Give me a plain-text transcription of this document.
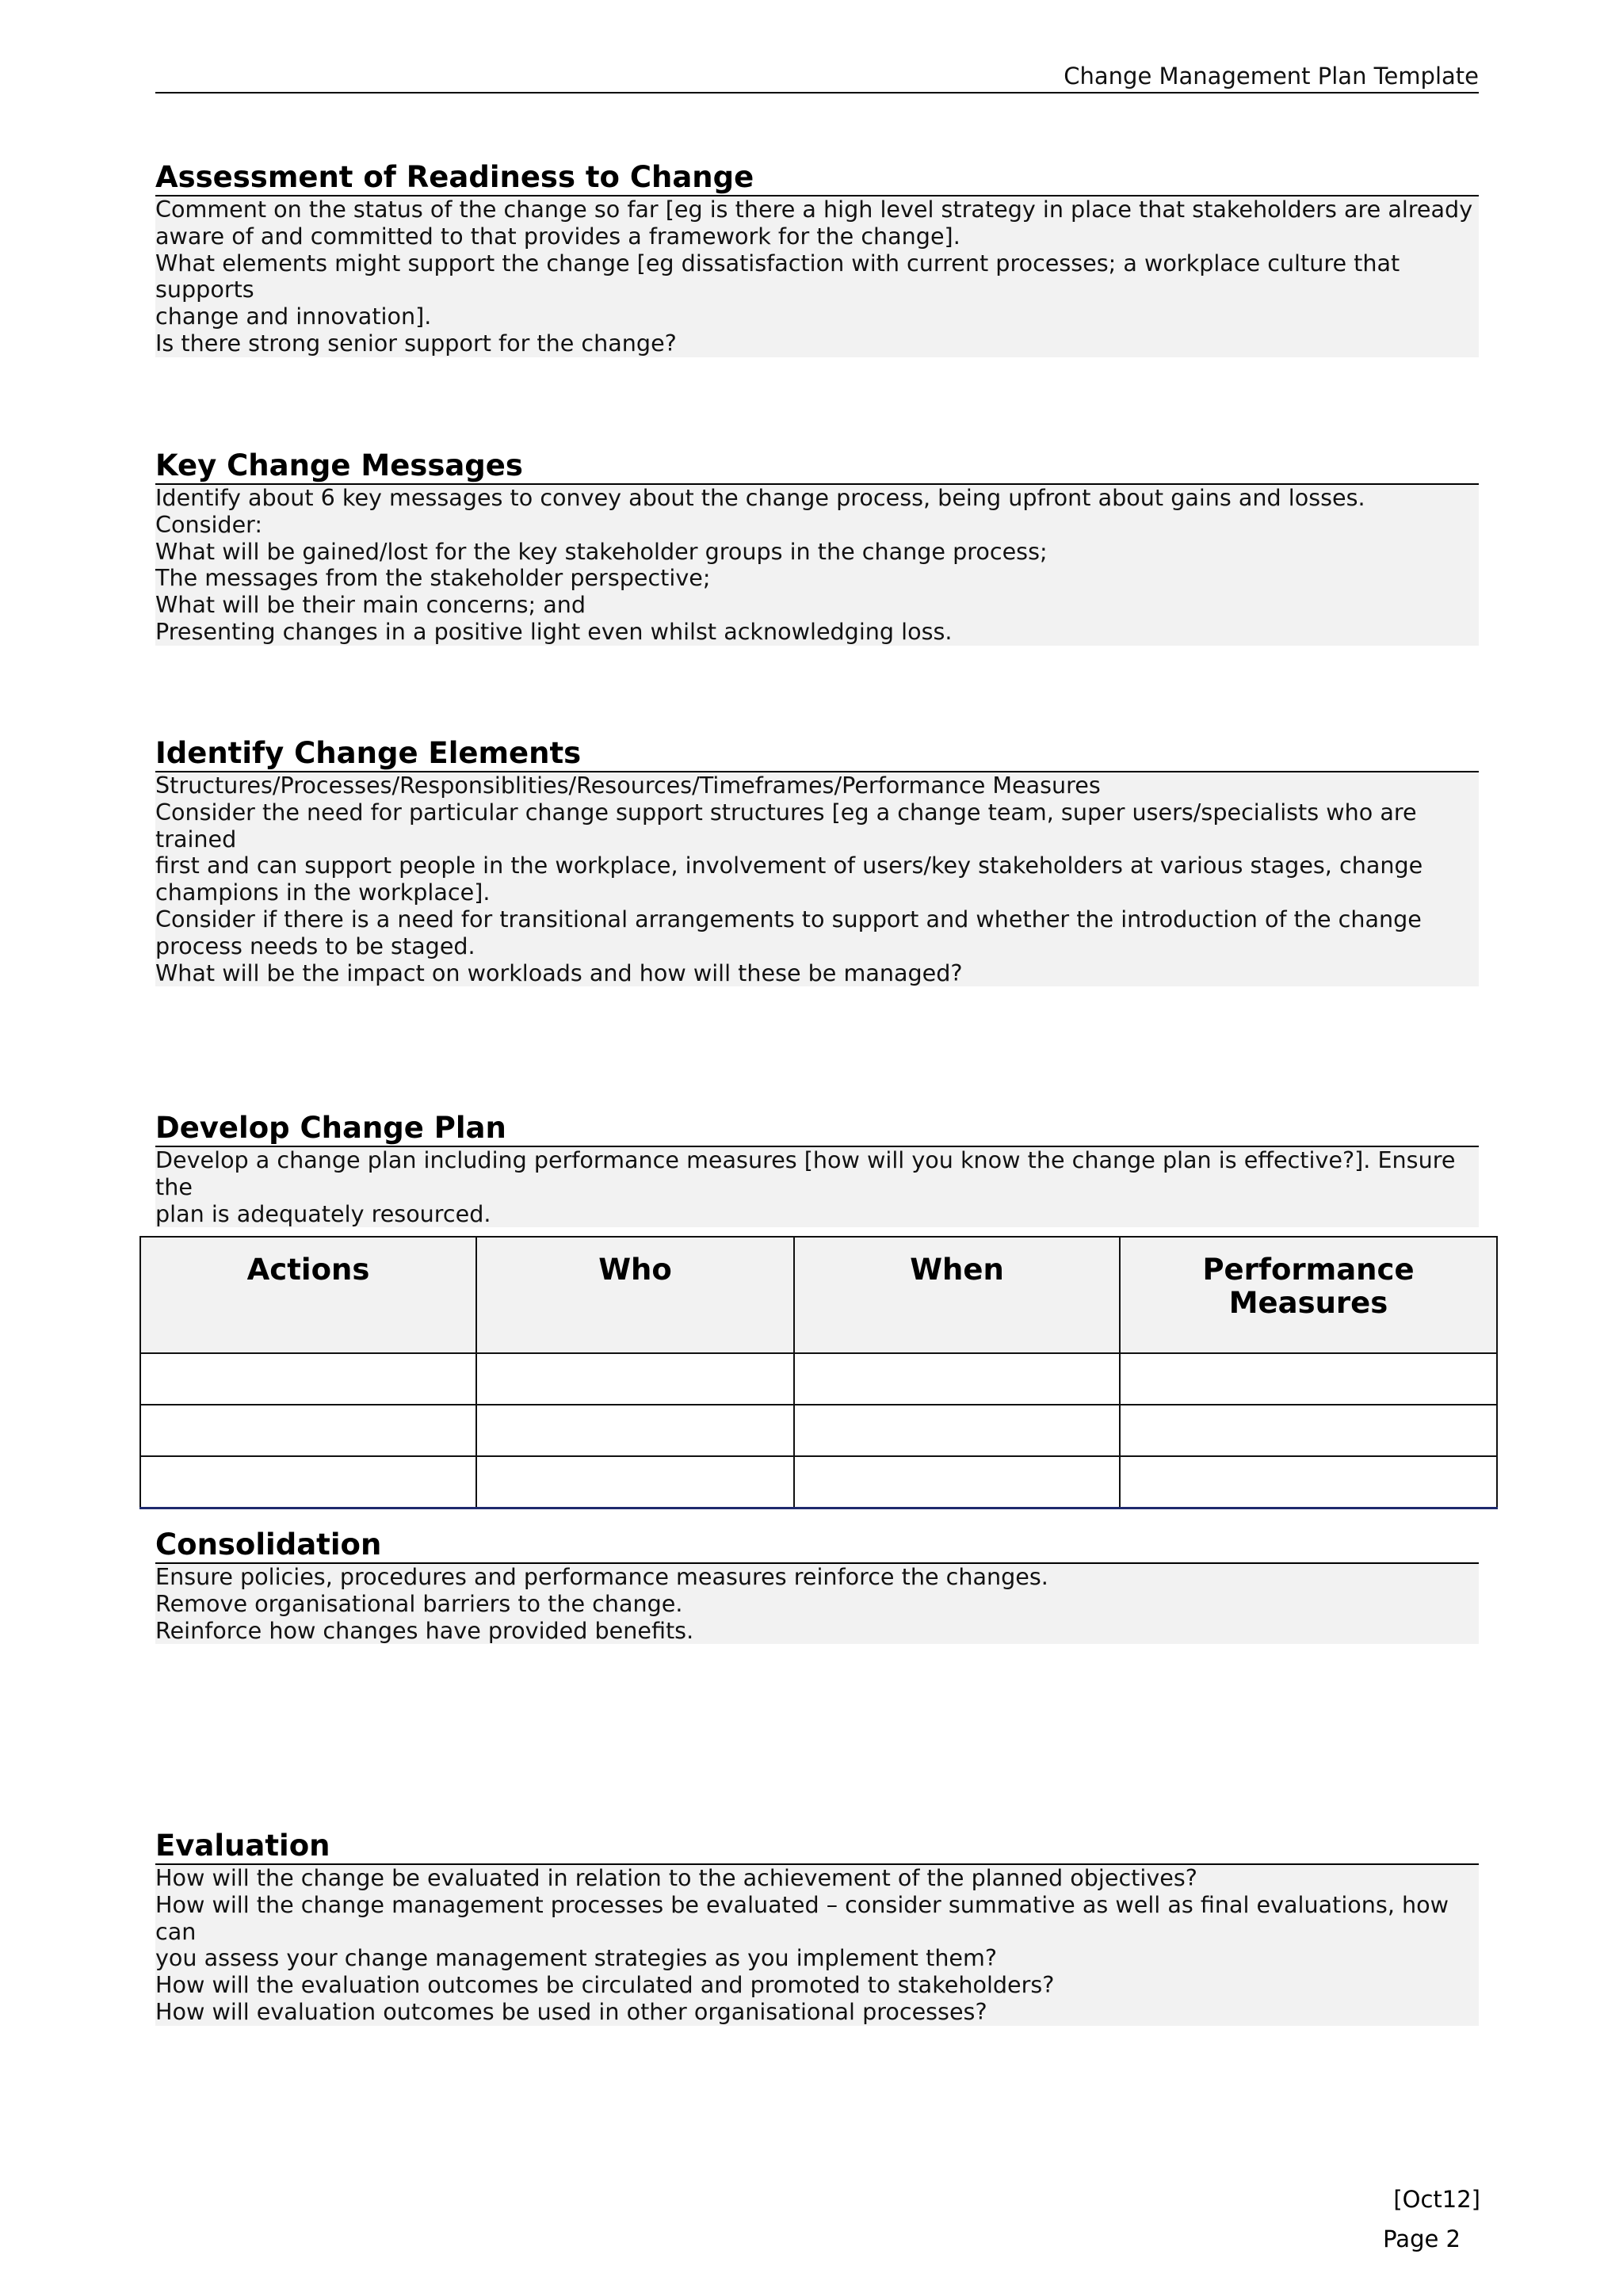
Change Management Plan Template
Assessment of Readiness to Change

Comment on the status of the change so far [eg is there a high level strategy in place that stakeholders are already

aware of and committed to that provides a framework for the change].

What elements might support the change [eg dissatisfaction with current processes; a workplace culture that supports

change and innovation].

Is there strong senior support for the change?

Key Change Messages

Identify about 6 key messages to convey about the change process, being upfront about gains and losses. Consider:

What will be gained/lost for the key stakeholder groups in the change process;

The messages from the stakeholder perspective;

What will be their main concerns; and

Presenting changes in a positive light even whilst acknowledging loss.

Identify Change Elements

Structures/Processes/Responsiblities/Resources/Timeframes/Performance Measures

Consider the need for particular change support structures [eg a change team, super users/specialists who are trained

first and can support people in the workplace, involvement of users/key stakeholders at various stages, change

champions in the workplace].

Consider if there is a need for transitional arrangements to support and whether the introduction of the change

process needs to be staged.

What will be the impact on workloads and how will these be managed?

Develop Change Plan

Develop a change plan including performance measures [how will you know the change plan is effective?]. Ensure the

plan is adequately resourced.

Actions	Who	When	Performance
Measures

Consolidation

Ensure policies, procedures and performance measures reinforce the changes.

Remove organisational barriers to the change.

Reinforce how changes have provided benefits.

Evaluation

How will the change be evaluated in relation to the achievement of the planned objectives?

How will the change management processes be evaluated – consider summative as well as final evaluations, how can

you assess your change management strategies as you implement them?

How will the evaluation outcomes be circulated and promoted to stakeholders?

How will evaluation outcomes be used in other organisational processes?

[Oct12]
Page 2
